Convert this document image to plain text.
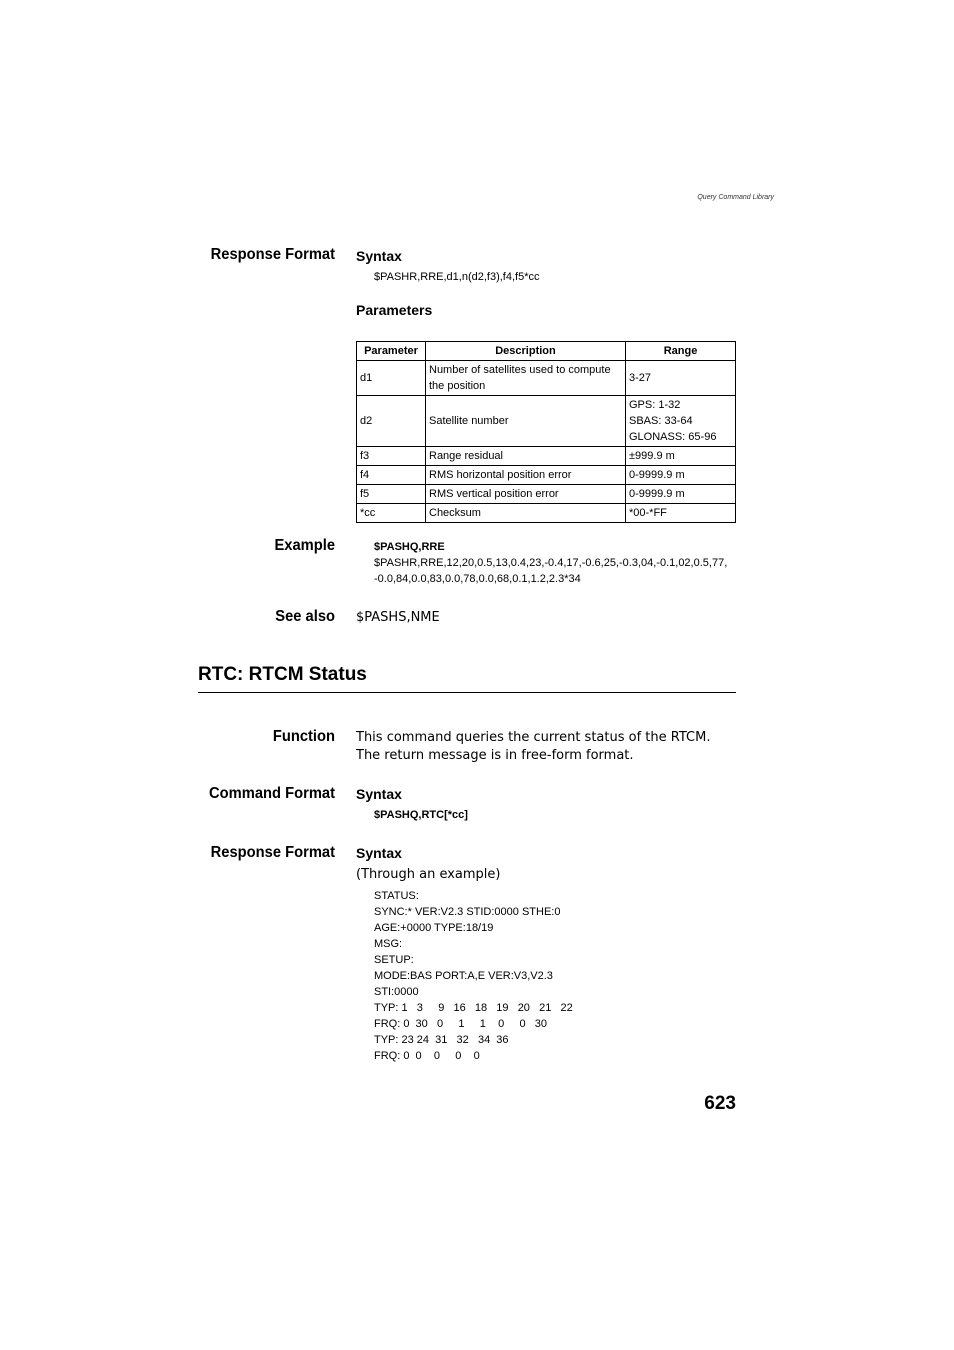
Query Command Library
Response Format Syntax
$PASHR,RRE,d1,n(d2,f3),f4,f5*cc
Parameters
Parameter	Description	Range
d1	Number of satellites used to compute the position	3-27
d2	Satellite number	GPS: 1-32
SBAS: 33-64
GLONASS: 65-96
f3	Range residual	±999.9 m
f4	RMS horizontal position error	0-9999.9 m
f5	RMS vertical position error	0-9999.9 m
*cc	Checksum	*00-*FF
Example	$PASHQ,RRE
$PASHR,RRE,12,20,0.5,13,0.4,23,-0.4,17,-0.6,25,-0.3,04,-0.1,02,0.5,77,
-0.0,84,0.0,83,0.0,78,0.0,68,0.1,1.2,2.3*34
See also $PASHS,NME
RTC: RTCM Status
Function This command queries the current status of the RTCM. The return message is in free-form format.
Command Format Syntax
$PASHQ,RTC[*cc]
Response Format Syntax
(Through an example)
STATUS:
SYNC:* VER:V2.3 STID:0000 STHE:0
AGE:+0000 TYPE:18/19
MSG:
SETUP:
MODE:BAS PORT:A,E VER:V3,V2.3
STI:0000
TYP: 1   3     9   16   18   19   20   21   22
FRQ: 0  30   0     1     1    0     0   30
TYP: 23 24  31   32   34  36
FRQ: 0  0    0     0    0
623
